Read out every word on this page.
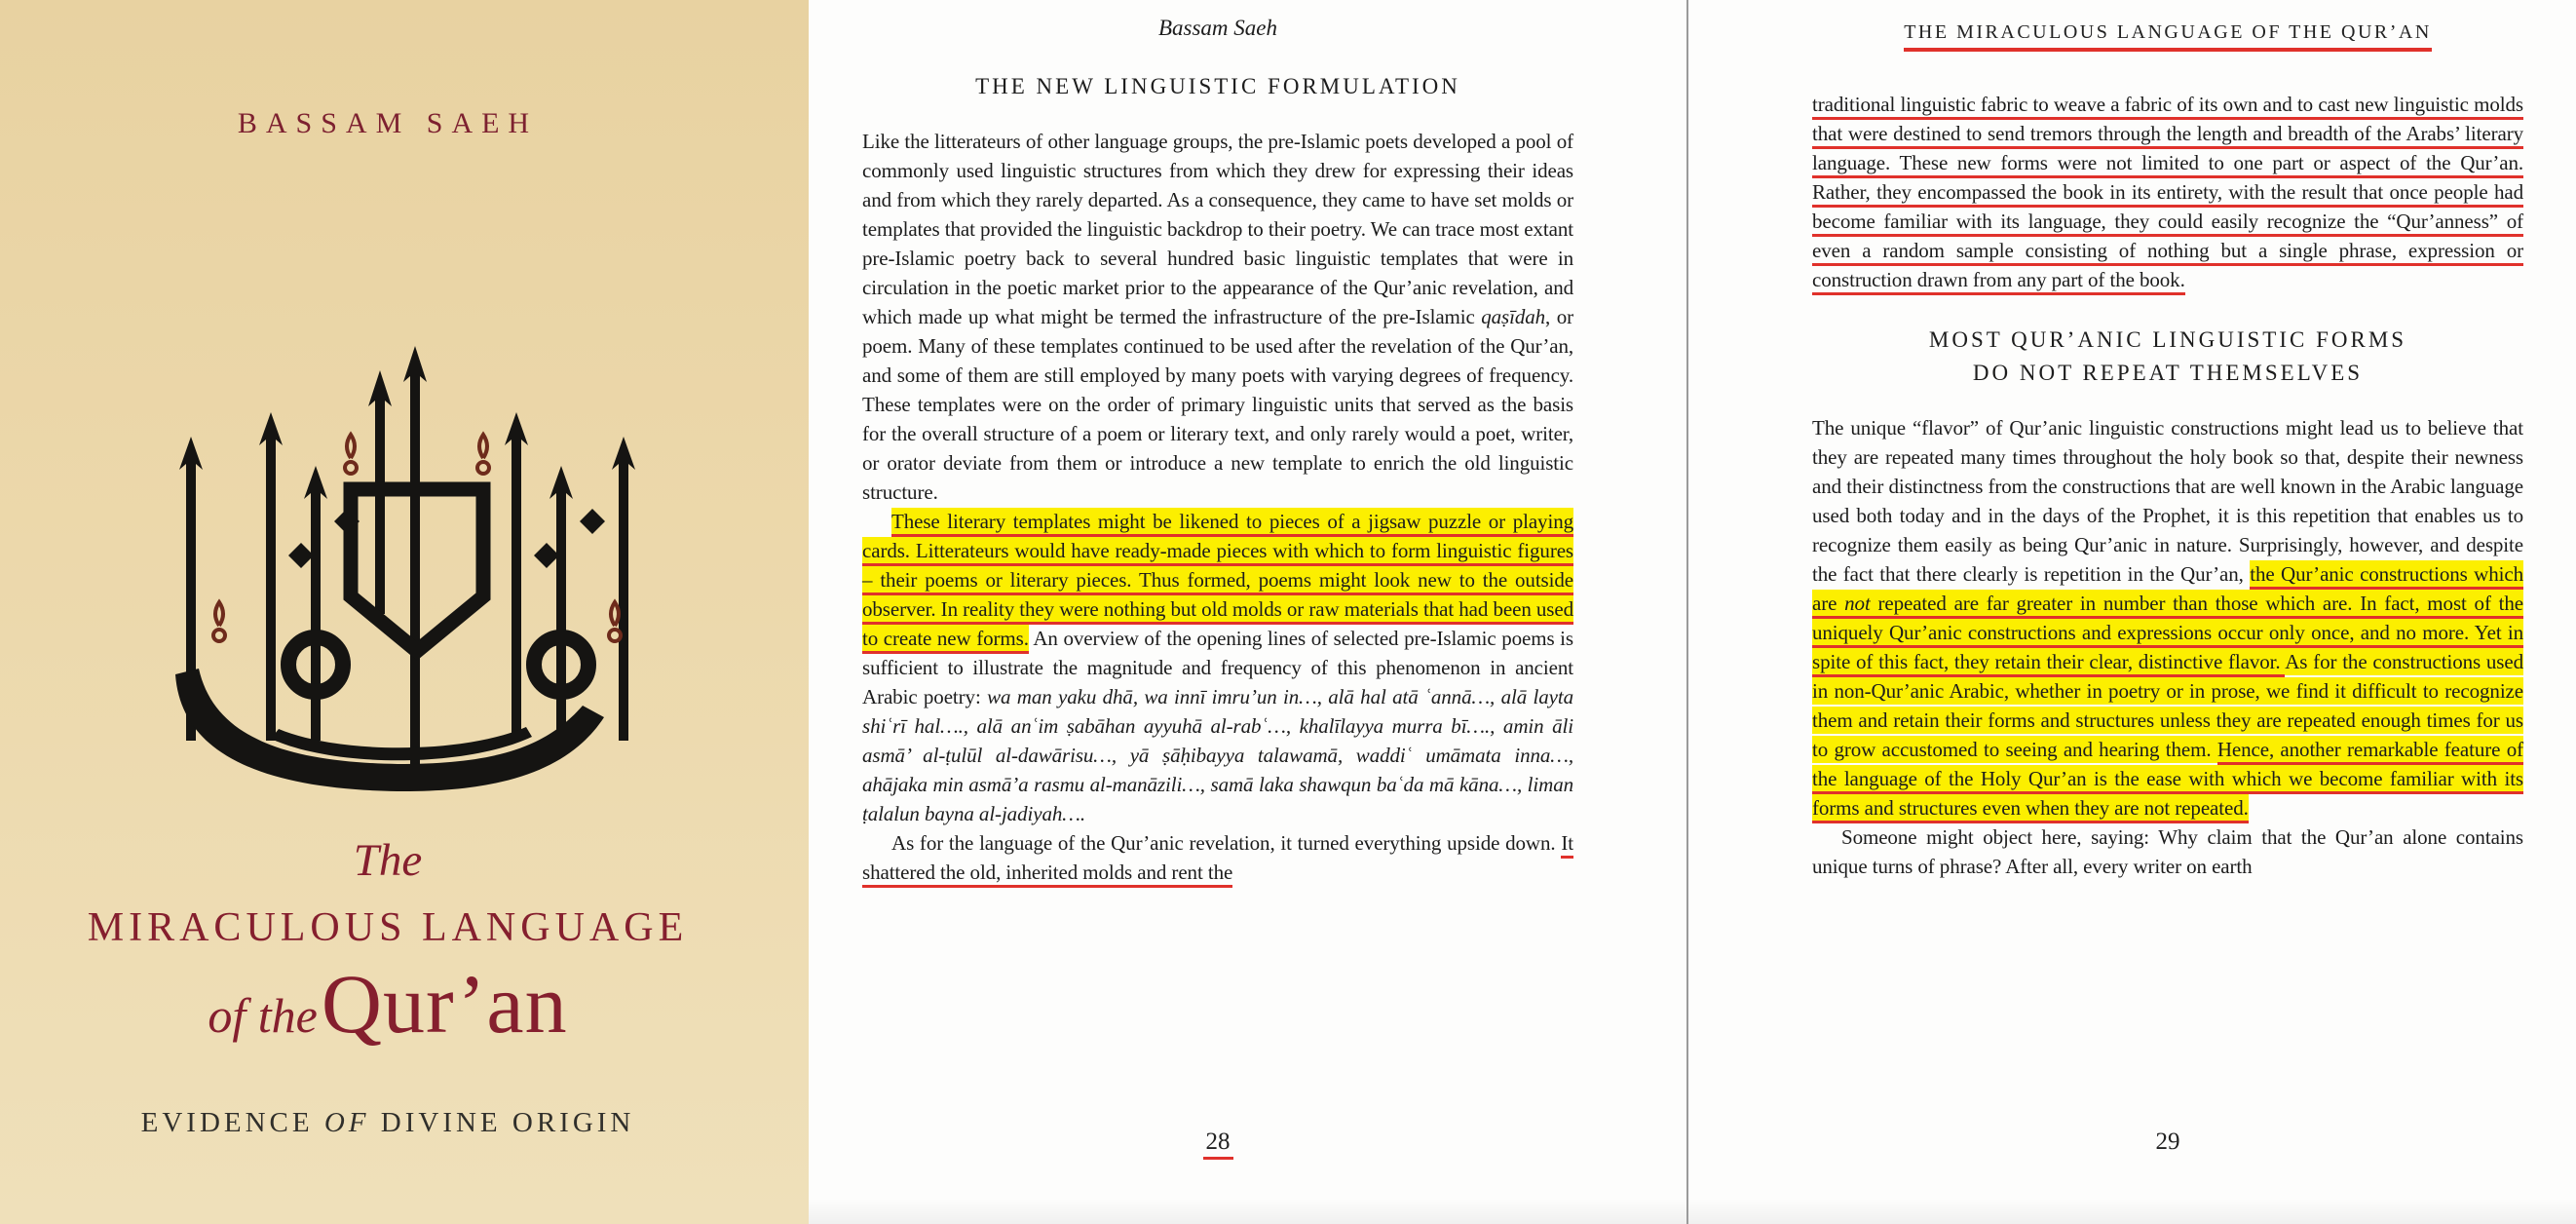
BASSAM SAEH
The
MIRACULOUS LANGUAGE
of the Qur’an
EVIDENCE OF DIVINE ORIGIN
Bassam Saeh
THE NEW LINGUISTIC FORMULATION

Like the litterateurs of other language groups, the pre-Islamic poets developed a pool of commonly used linguistic structures from which they drew for expressing their ideas and from which they rarely departed. As a consequence, they came to have set molds or templates that provided the linguistic backdrop to their poetry. We can trace most extant pre-Islamic poetry back to several hundred basic linguistic templates that were in circulation in the poetic market prior to the appearance of the Qur’anic revelation, and which made up what might be termed the infrastructure of the pre-Islamic qaṣīdah, or poem. Many of these templates continued to be used after the revelation of the Qur’an, and some of them are still employed by many poets with varying degrees of frequency. These templates were on the order of primary linguistic units that served as the basis for the overall structure of a poem or literary text, and only rarely would a poet, writer, or orator deviate from them or introduce a new template to enrich the old linguistic structure.

These literary templates might be likened to pieces of a jigsaw puzzle or playing cards. Litterateurs would have ready-made pieces with which to form linguistic figures – their poems or literary pieces. Thus formed, poems might look new to the outside observer. In reality they were nothing but old molds or raw materials that had been used to create new forms. An overview of the opening lines of selected pre-Islamic poems is sufficient to illustrate the magnitude and frequency of this phenomenon in ancient Arabic poetry: wa man yaku dhā, wa innī imru’un in…, alā hal atā ʿannā…, alā layta shiʿrī hal…., alā anʿim ṣabāhan ayyuhā al-rabʿ…, khalīlayya murra bī…., amin āli asmā’ al-ṭulūl al-dawārisu…, yā ṣāḥibayya talawamā, waddiʿ umāmata inna…, ahājaka min asmā’a rasmu al-manāzili…, samā laka shawqun baʿda mā kāna…, liman ṭalalun bayna al-jadiyah….

As for the language of the Qur’anic revelation, it turned everything upside down. It shattered the old, inherited molds and rent the

28
THE MIRACULOUS LANGUAGE OF THE QUR’AN

traditional linguistic fabric to weave a fabric of its own and to cast new linguistic molds that were destined to send tremors through the length and breadth of the Arabs’ literary language. These new forms were not limited to one part or aspect of the Qur’an. Rather, they encompassed the book in its entirety, with the result that once people had become familiar with its language, they could easily recognize the “Qur’anness” of even a random sample consisting of nothing but a single phrase, expression or construction drawn from any part of the book.

MOST QUR’ANIC LINGUISTIC FORMS
DO NOT REPEAT THEMSELVES

The unique “flavor” of Qur’anic linguistic constructions might lead us to believe that they are repeated many times throughout the holy book so that, despite their newness and their distinctness from the constructions that are well known in the Arabic language used both today and in the days of the Prophet, it is this repetition that enables us to recognize them easily as being Qur’anic in nature. Surprisingly, however, and despite the fact that there clearly is repetition in the Qur’an, the Qur’anic constructions which are not repeated are far greater in number than those which are. In fact, most of the uniquely Qur’anic constructions and expressions occur only once, and no more. Yet in spite of this fact, they retain their clear, distinctive flavor. As for the constructions used in non-Qur’anic Arabic, whether in poetry or in prose, we find it difficult to recognize them and retain their forms and structures unless they are repeated enough times for us to grow accustomed to seeing and hearing them. Hence, another remarkable feature of the language of the Holy Qur’an is the ease with which we become familiar with its forms and structures even when they are not repeated.

Someone might object here, saying: Why claim that the Qur’an alone contains unique turns of phrase? After all, every writer on earth

29
